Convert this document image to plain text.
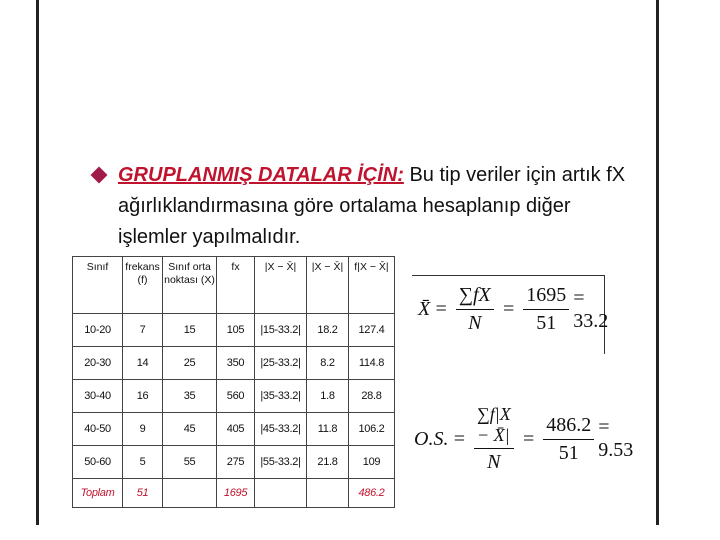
GRUPLANMIŞ DATALAR İÇİN: Bu tip veriler için artık fX ağırlıklandırmasına göre ortalama hesaplanıp diğer işlemler yapılmalıdır.
Sınıf	frekans (f)	Sınıf orta noktası (X)	fx	|X − X̄|	|X − X̄|	f|X − X̄|
10-20	7	15	105	|15-33.2|	18.2	127.4
20-30	14	25	350	|25-33.2|	8.2	114.8
30-40	16	35	560	|35-33.2|	1.8	28.8
40-50	9	45	405	|45-33.2|	11.8	106.2
50-60	5	55	275	|55-33.2|	21.8	109
Toplam	51		1695			486.2
X̄ = $\frac{\sum fX}{N} = \frac{1695}{51} = 33.2$
O.S. = $\frac{\sum f|X - X̄|}{N} = \frac{486.2}{51} = 9.53$
